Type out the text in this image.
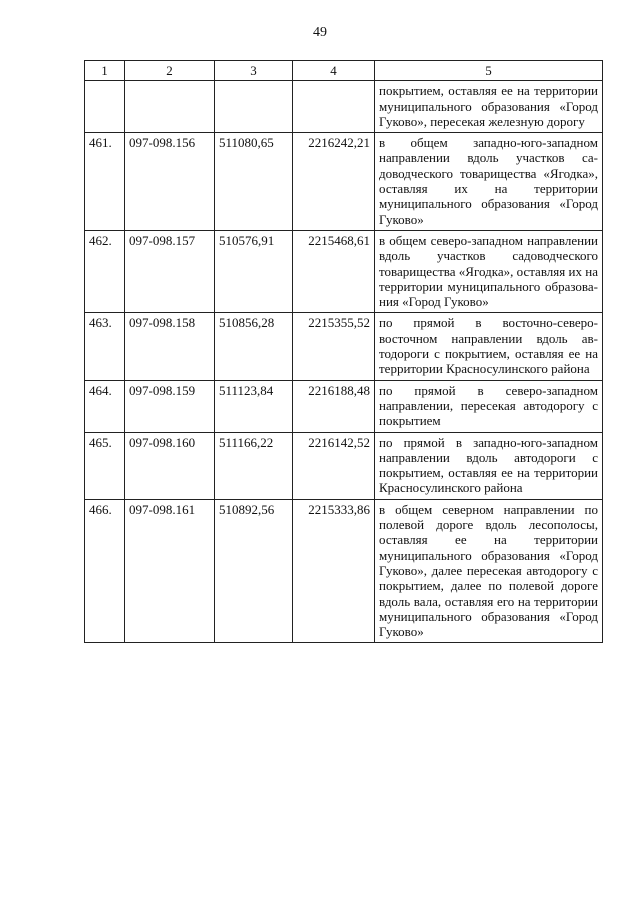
49
1	2	3	4	5
				покрытием, оставляя ее на территории муниципального образования «Город Гуково», пересекая железную дорогу
461.	097-098.156	511080,65	2216242,21	в общем западно-юго-западном направлении вдоль участков садоводческого товарищества «Ягодка», оставляя их на территории муниципального образования «Город Гуково»
462.	097-098.157	510576,91	2215468,61	в общем северо-западном направлении вдоль участков садоводческого товарищества «Ягодка», оставляя их на территории муниципального образования «Город Гуково»
463.	097-098.158	510856,28	2215355,52	по прямой в восточно-северо-восточном направлении вдоль автодороги с покрытием, оставляя ее на территории Красносулинского района
464.	097-098.159	511123,84	2216188,48	по прямой в северо-западном направлении, пересекая автодорогу с покрытием
465.	097-098.160	511166,22	2216142,52	по прямой в западно-юго-западном направлении вдоль автодороги с покрытием, оставляя ее на территории Красносулинского района
466.	097-098.161	510892,56	2215333,86	в общем северном направлении по полевой дороге вдоль лесополосы, оставляя ее на территории муниципального образования «Город Гуково», далее пересекая автодорогу с покрытием, далее по полевой дороге вдоль вала, оставляя его на территории муниципального образования «Город Гуково»
